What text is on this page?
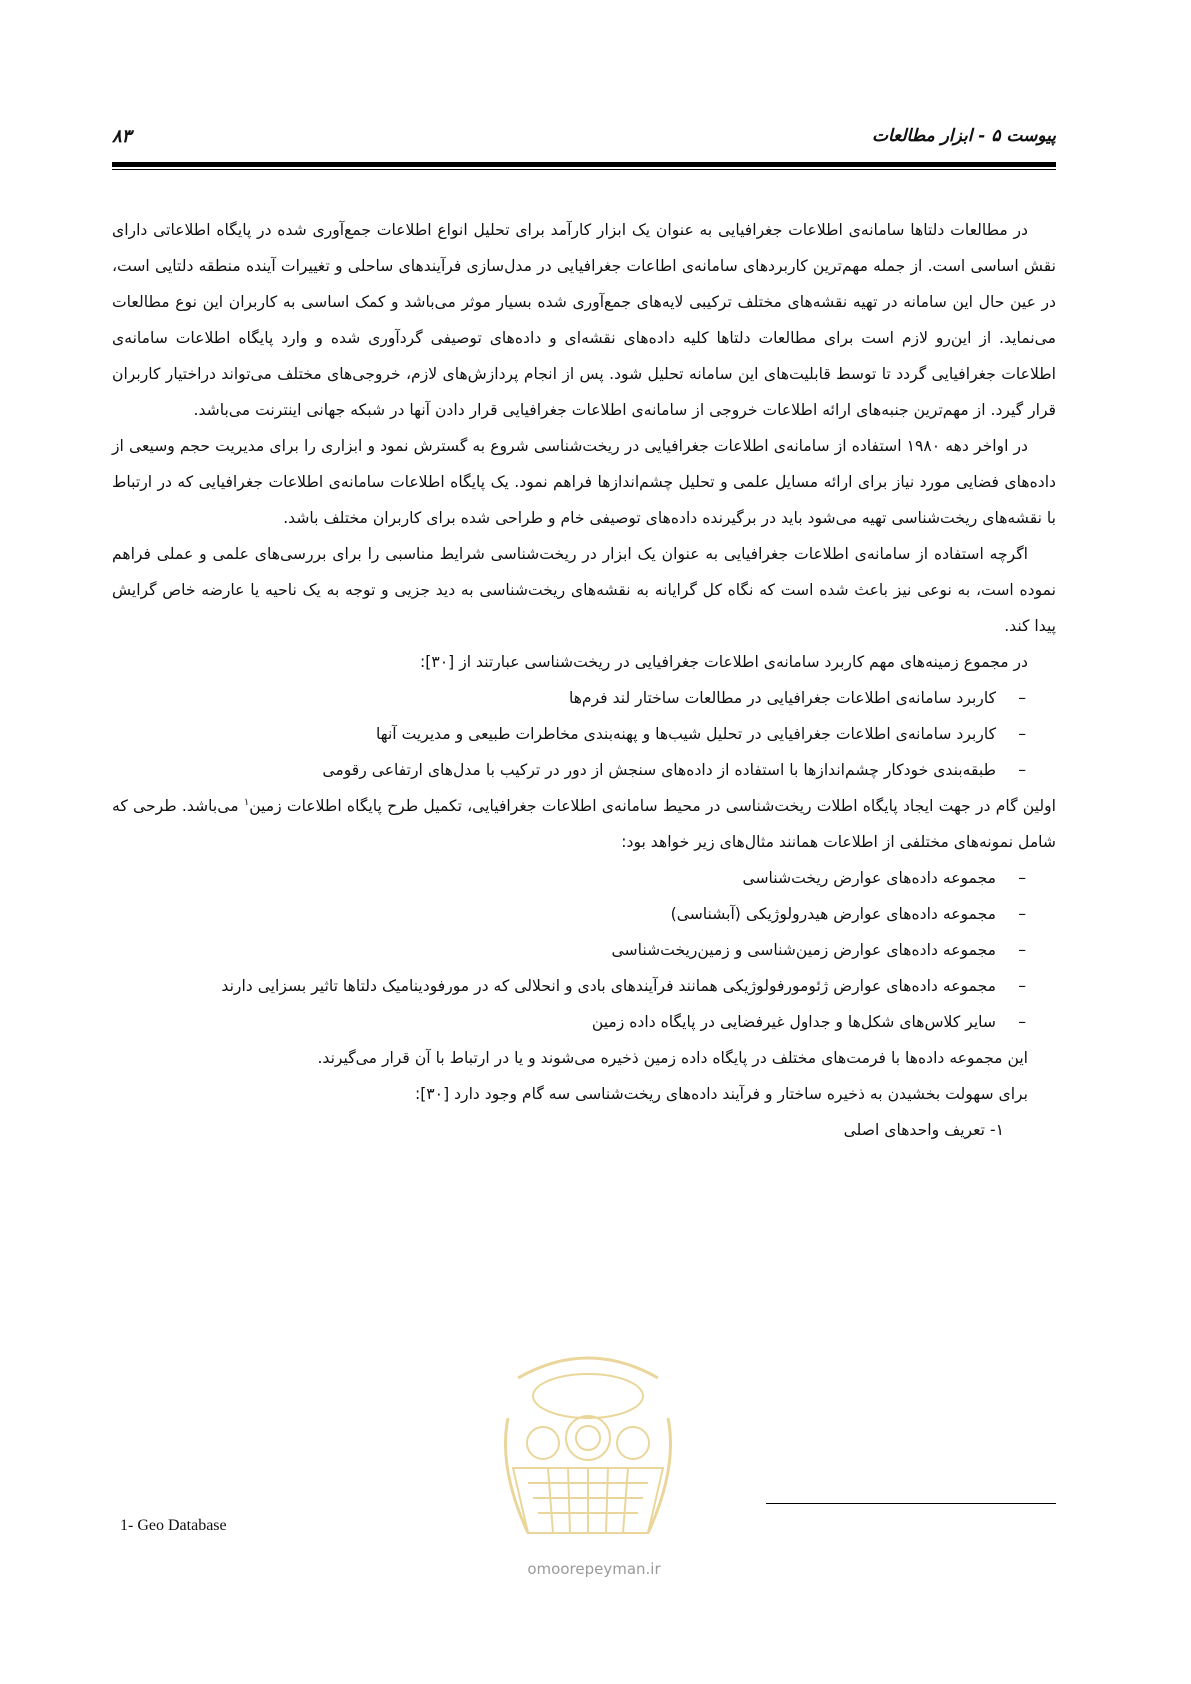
پیوست ۵ - ابزار مطالعات
۸۳

در مطالعات دلتاها سامانه‌ی اطلاعات جغرافیایی به عنوان یک ابزار کارآمد برای تحلیل انواع اطلاعات جمع‌آوری شده در پایگاه اطلاعاتی دارای نقش اساسی است. از جمله مهم‌ترین کاربردهای سامانه‌ی اطاعات جغرافیایی در مدل‌سازی فرآیندهای ساحلی و تغییرات آینده منطقه دلتایی است، در عین حال این سامانه در تهیه نقشه‌های مختلف ترکیبی لایه‌های جمع‌آوری شده بسیار موثر می‌باشد و کمک اساسی به کاربران این نوع مطالعات می‌نماید. از این‌رو لازم است برای مطالعات دلتاها کلیه داده‌های نقشه‌ای و داده‌های توصیفی گردآوری شده و وارد پایگاه اطلاعات سامانه‌ی اطلاعات جغرافیایی گردد تا توسط قابلیت‌های این سامانه تحلیل شود. پس از انجام پردازش‌های لازم، خروجی‌های مختلف می‌تواند دراختیار کاربران قرار گیرد. از مهم‌ترین جنبه‌های ارائه اطلاعات خروجی از سامانه‌ی اطلاعات جغرافیایی قرار دادن آنها در شبکه جهانی اینترنت می‌باشد.

در اواخر دهه ۱۹۸۰ استفاده از سامانه‌ی اطلاعات جغرافیایی در ریخت‌شناسی شروع به گسترش نمود و ابزاری را برای مدیریت حجم وسیعی از داده‌های فضایی مورد نیاز برای ارائه مسایل علمی و تحلیل چشم‌اندازها فراهم نمود. یک پایگاه اطلاعات سامانه‌ی اطلاعات جغرافیایی که در ارتباط با نقشه‌های ریخت‌شناسی تهیه می‌شود باید در برگیرنده داده‌های توصیفی خام و طراحی شده برای کاربران مختلف باشد.

اگرچه استفاده از سامانه‌ی اطلاعات جغرافیایی به عنوان یک ابزار در ریخت‌شناسی شرایط مناسبی را برای بررسی‌های علمی و عملی فراهم نموده است، به نوعی نیز باعث شده است که نگاه کل گرایانه به نقشه‌های ریخت‌شناسی به دید جزیی و توجه به یک ناحیه یا عارضه خاص گرایش پیدا کند.

در مجموع زمینه‌های مهم کاربرد سامانه‌ی اطلاعات جغرافیایی در ریخت‌شناسی عبارتند از [۳۰]:

–
کاربرد سامانه‌ی اطلاعات جغرافیایی در مطالعات ساختار لند فرم‌ها
–
کاربرد سامانه‌ی اطلاعات جغرافیایی در تحلیل شیب‌ها و پهنه‌بندی مخاطرات طبیعی و مدیریت آنها
–
طبقه‌بندی خودکار چشم‌اندازها با استفاده از داده‌های سنجش از دور در ترکیب با مدل‌های ارتفاعی رقومی

اولین گام در جهت ایجاد پایگاه اطلات ریخت‌شناسی در محیط سامانه‌ی اطلاعات جغرافیایی، تکمیل طرح پایگاه اطلاعات زمین$^۱$ می‌باشد. طرحی که شامل نمونه‌های مختلفی از اطلاعات همانند مثال‌های زیر خواهد بود:

–
مجموعه داده‌های عوارض ریخت‌شناسی
–
مجموعه داده‌های عوارض هیدرولوژیکی (آبشناسی)
–
مجموعه داده‌های عوارض زمین‌شناسی و زمین‌ریخت‌شناسی
–
مجموعه داده‌های عوارض ژئومورفولوژیکی همانند فرآیندهای بادی و انحلالی که در مورفودینامیک دلتاها تاثیر بسزایی دارند
–
سایر کلاس‌های شکل‌ها و جداول غیرفضایی در پایگاه داده زمین

این مجموعه داده‌ها با فرمت‌های مختلف در پایگاه داده زمین ذخیره می‌شوند و یا در ارتباط با آن قرار می‌گیرند.

برای سهولت بخشیدن به ذخیره ساختار و فرآیند داده‌های ریخت‌شناسی سه گام وجود دارد [۳۰]:

۱- تعریف واحدهای اصلی

1- Geo Database
omoorepeyman.ir
